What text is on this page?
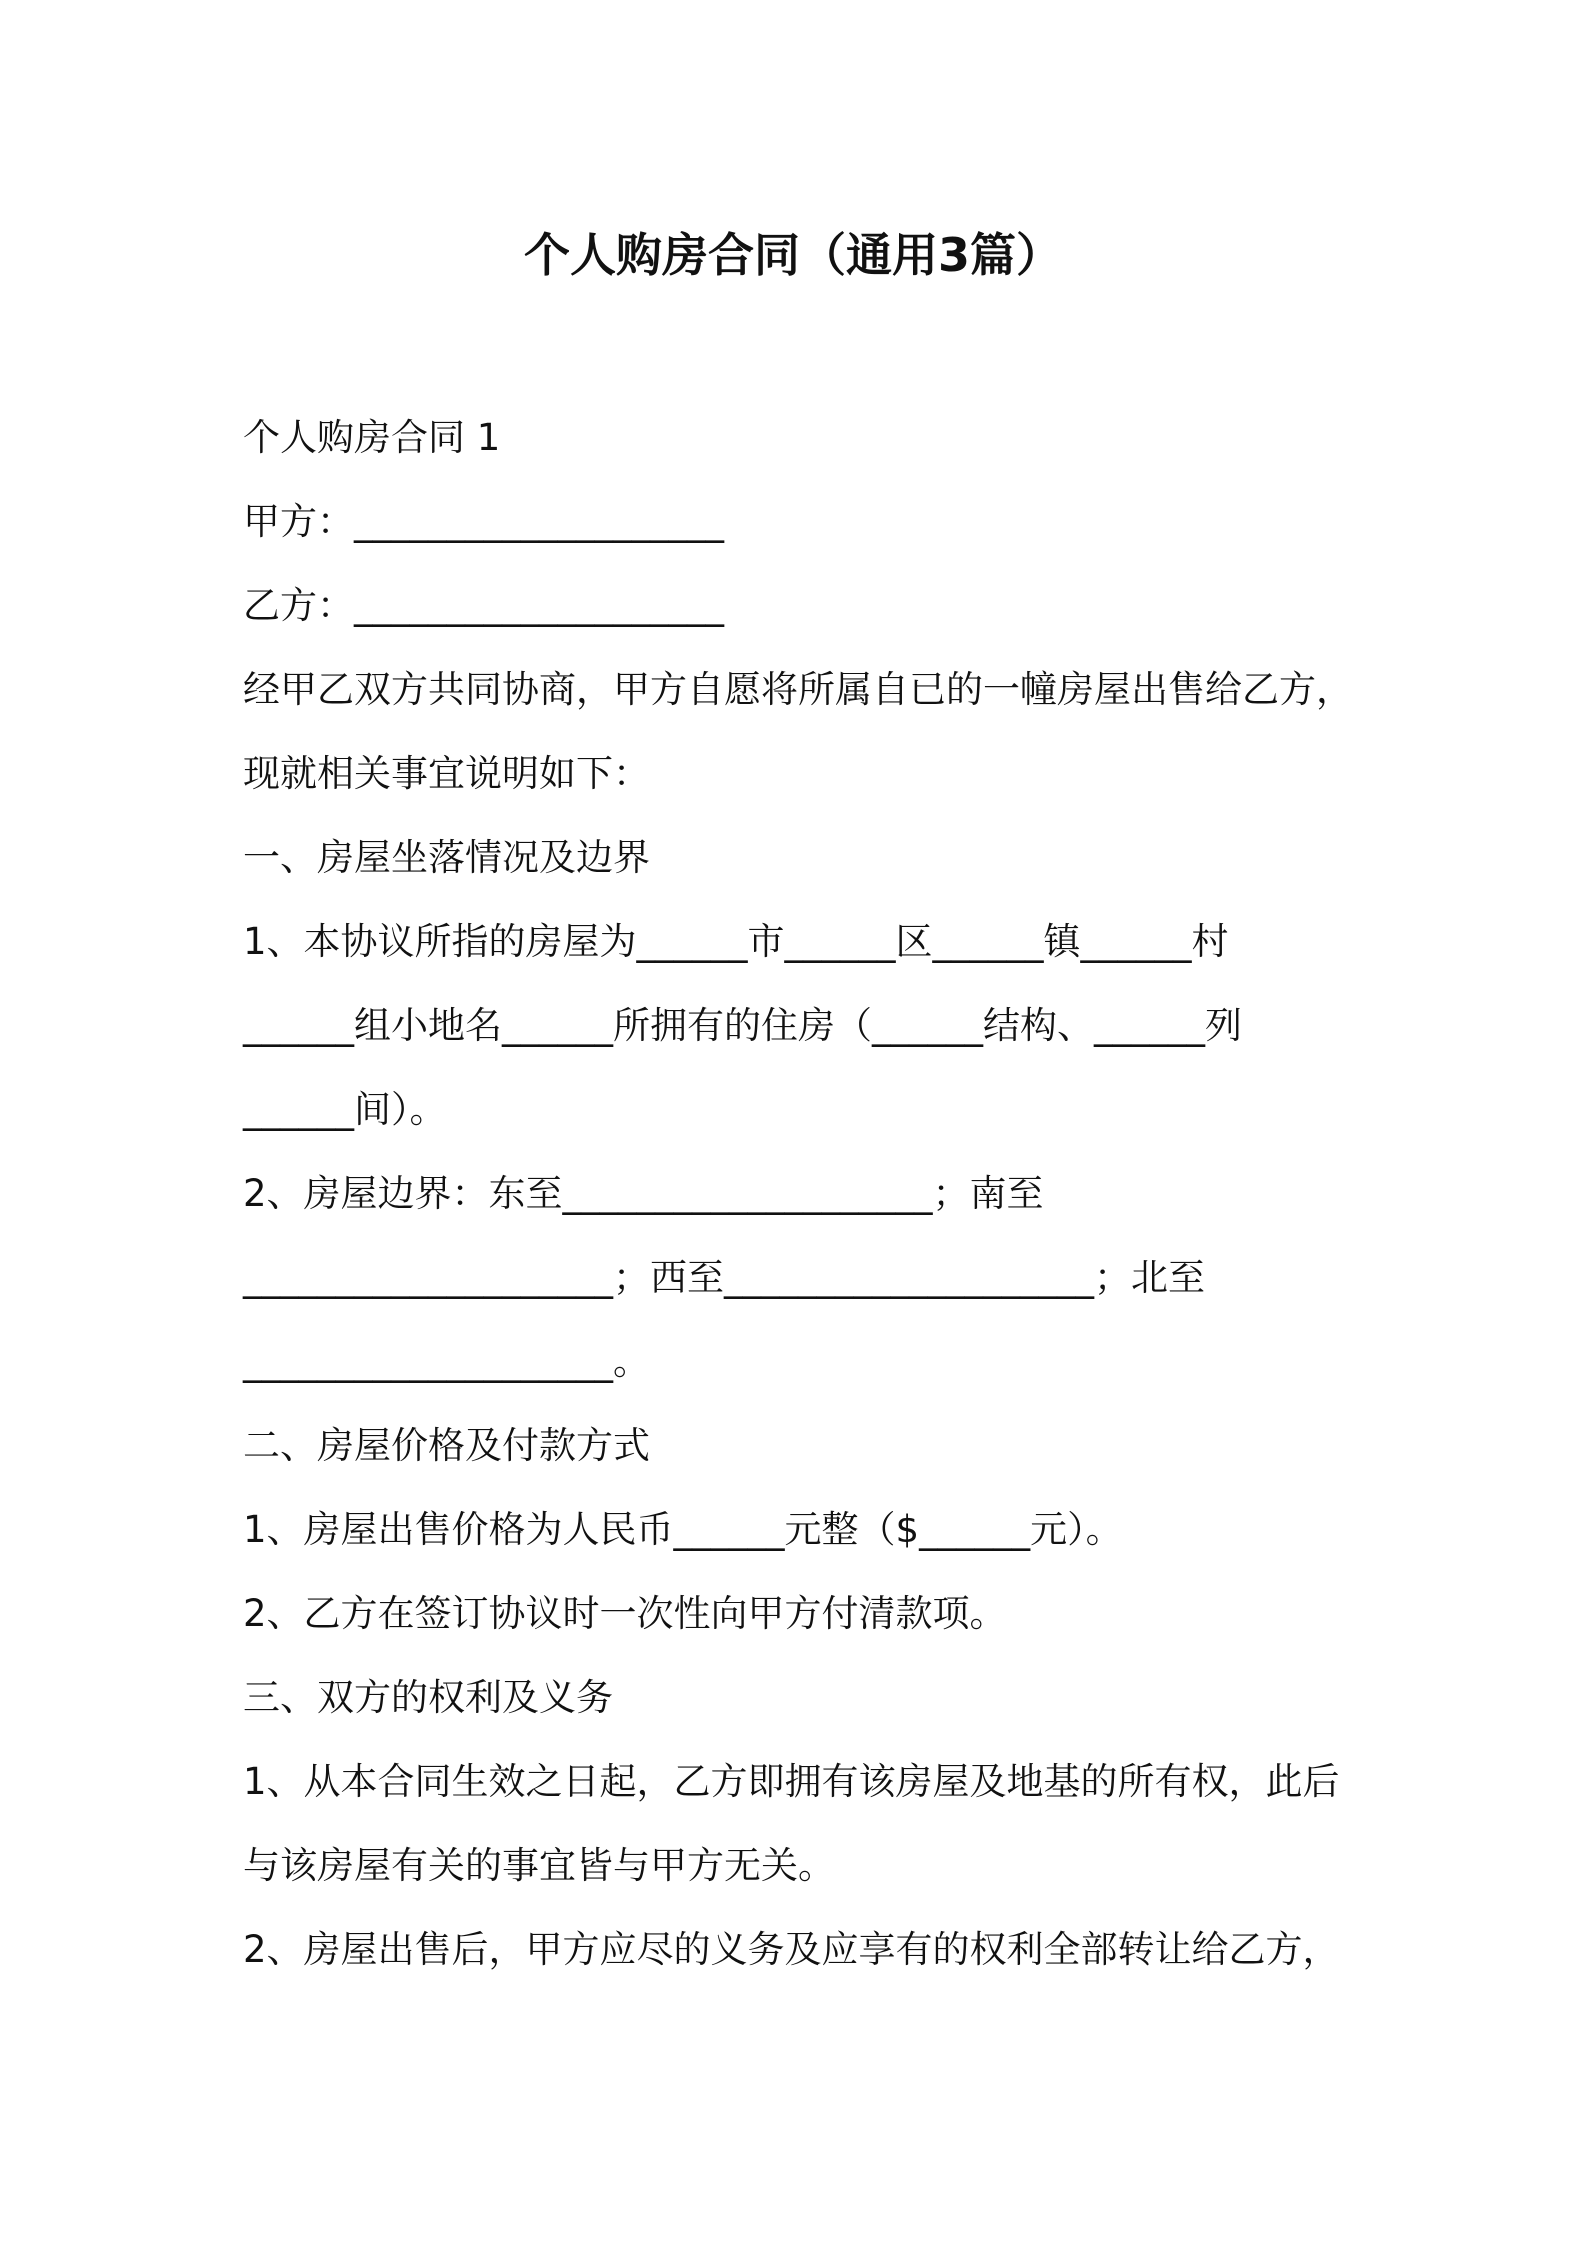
个人购房合同（通用3篇）
个人购房合同 1
甲方：____________________
乙方：____________________
经甲乙双方共同协商，甲方自愿将所属自已的一幢房屋出售给乙方，
现就相关事宜说明如下：
一、房屋坐落情况及边界
1、本协议所指的房屋为______市______区______镇______村
______组小地名______所拥有的住房（______结构、______列
______间）。
2、房屋边界：东至____________________；南至
____________________；西至____________________；北至
____________________。
二、房屋价格及付款方式
1、房屋出售价格为人民币______元整（$______元）。
2、乙方在签订协议时一次性向甲方付清款项。
三、双方的权利及义务
1、从本合同生效之日起，乙方即拥有该房屋及地基的所有权，此后
与该房屋有关的事宜皆与甲方无关。
2、房屋出售后，甲方应尽的义务及应享有的权利全部转让给乙方，
